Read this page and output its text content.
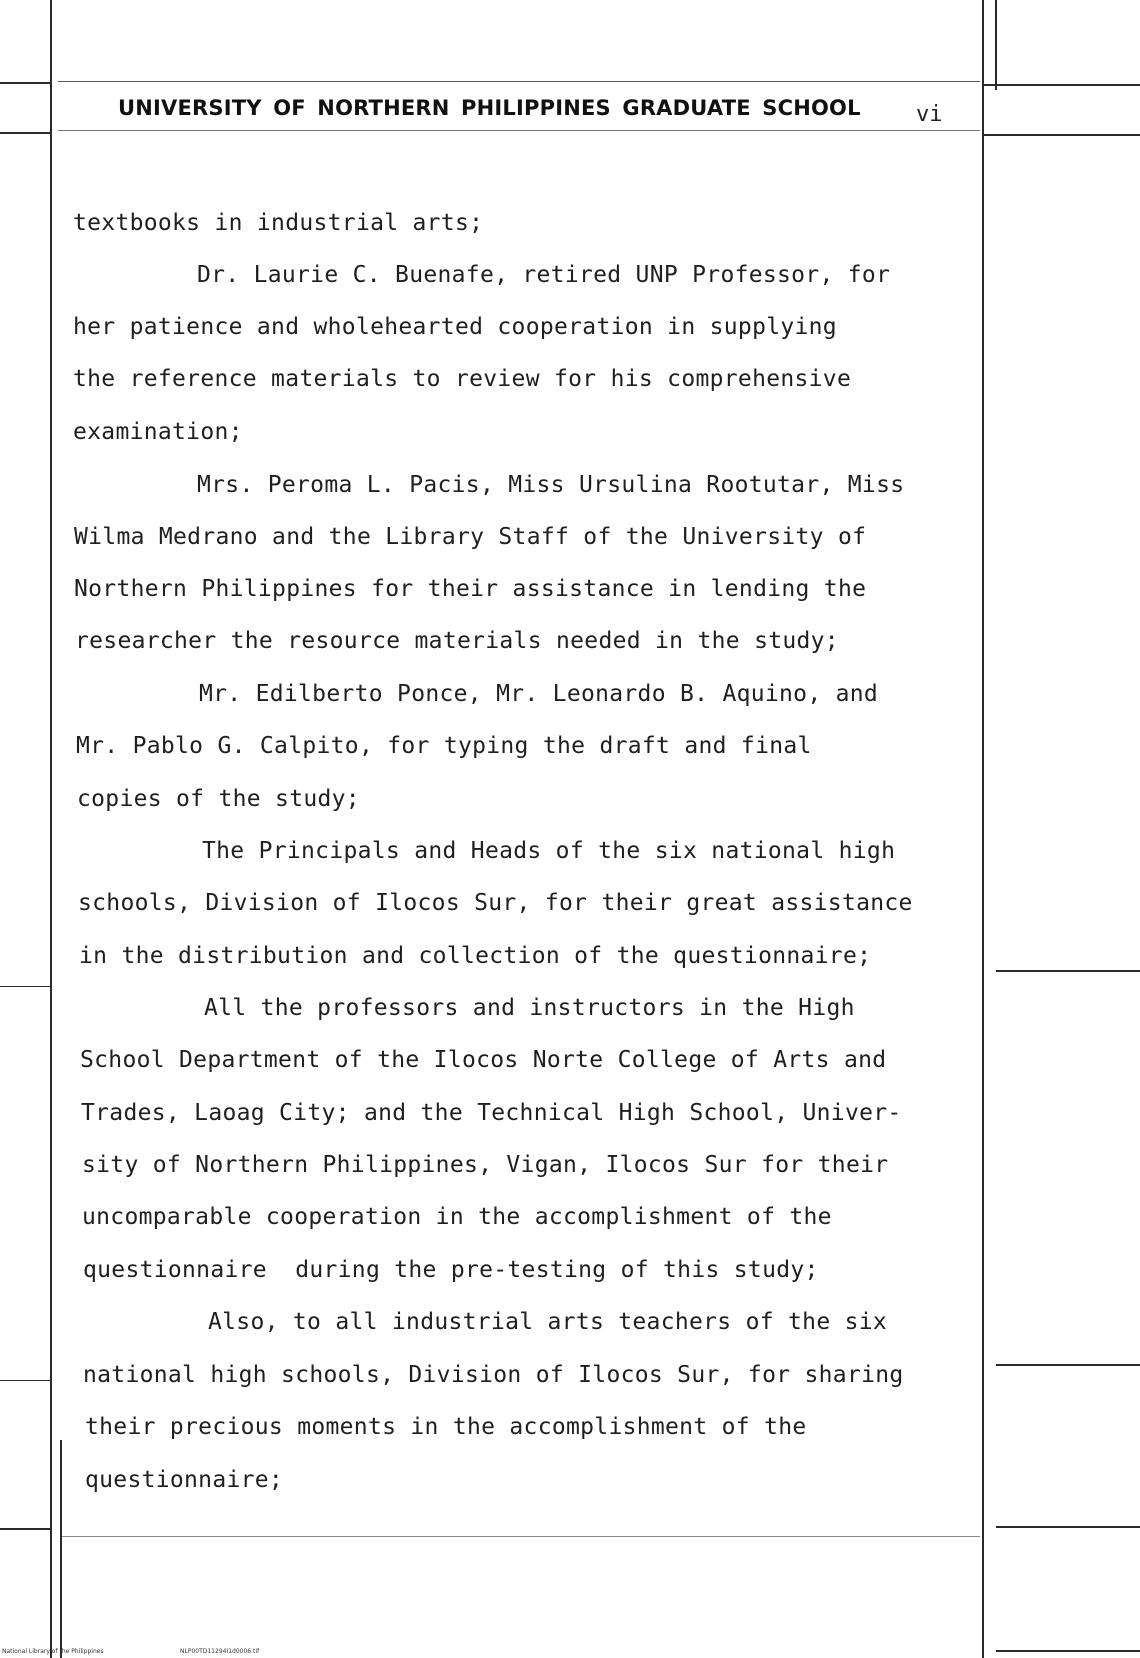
UNIVERSITY OF NORTHERN PHILIPPINES GRADUATE SCHOOL	vi
textbooks in industrial arts;
Dr. Laurie C. Buenafe, retired UNP Professor, for
her patience and wholehearted cooperation in supplying
the reference materials to review for his comprehensive
examination;
Mrs. Peroma L. Pacis, Miss Ursulina Rootutar, Miss
Wilma Medrano and the Library Staff of the University of
Northern Philippines for their assistance in lending the
researcher the resource materials needed in the study;
Mr. Edilberto Ponce, Mr. Leonardo B. Aquino, and
Mr. Pablo G. Calpito, for typing the draft and final
copies of the study;
The Principals and Heads of the six national high
schools, Division of Ilocos Sur, for their great assistance
in the distribution and collection of the questionnaire;
All the professors and instructors in the High
School Department of the Ilocos Norte College of Arts and
Trades, Laoag City; and the Technical High School, Univer-
sity of Northern Philippines, Vigan, Ilocos Sur for their
uncomparable cooperation in the accomplishment of the
questionnaire  during the pre-testing of this study;
Also, to all industrial arts teachers of the six
national high schools, Division of Ilocos Sur, for sharing
their precious moments in the accomplishment of the
questionnaire;
National Library of the Philippines	NLP00TD11294I1d0006.tif
